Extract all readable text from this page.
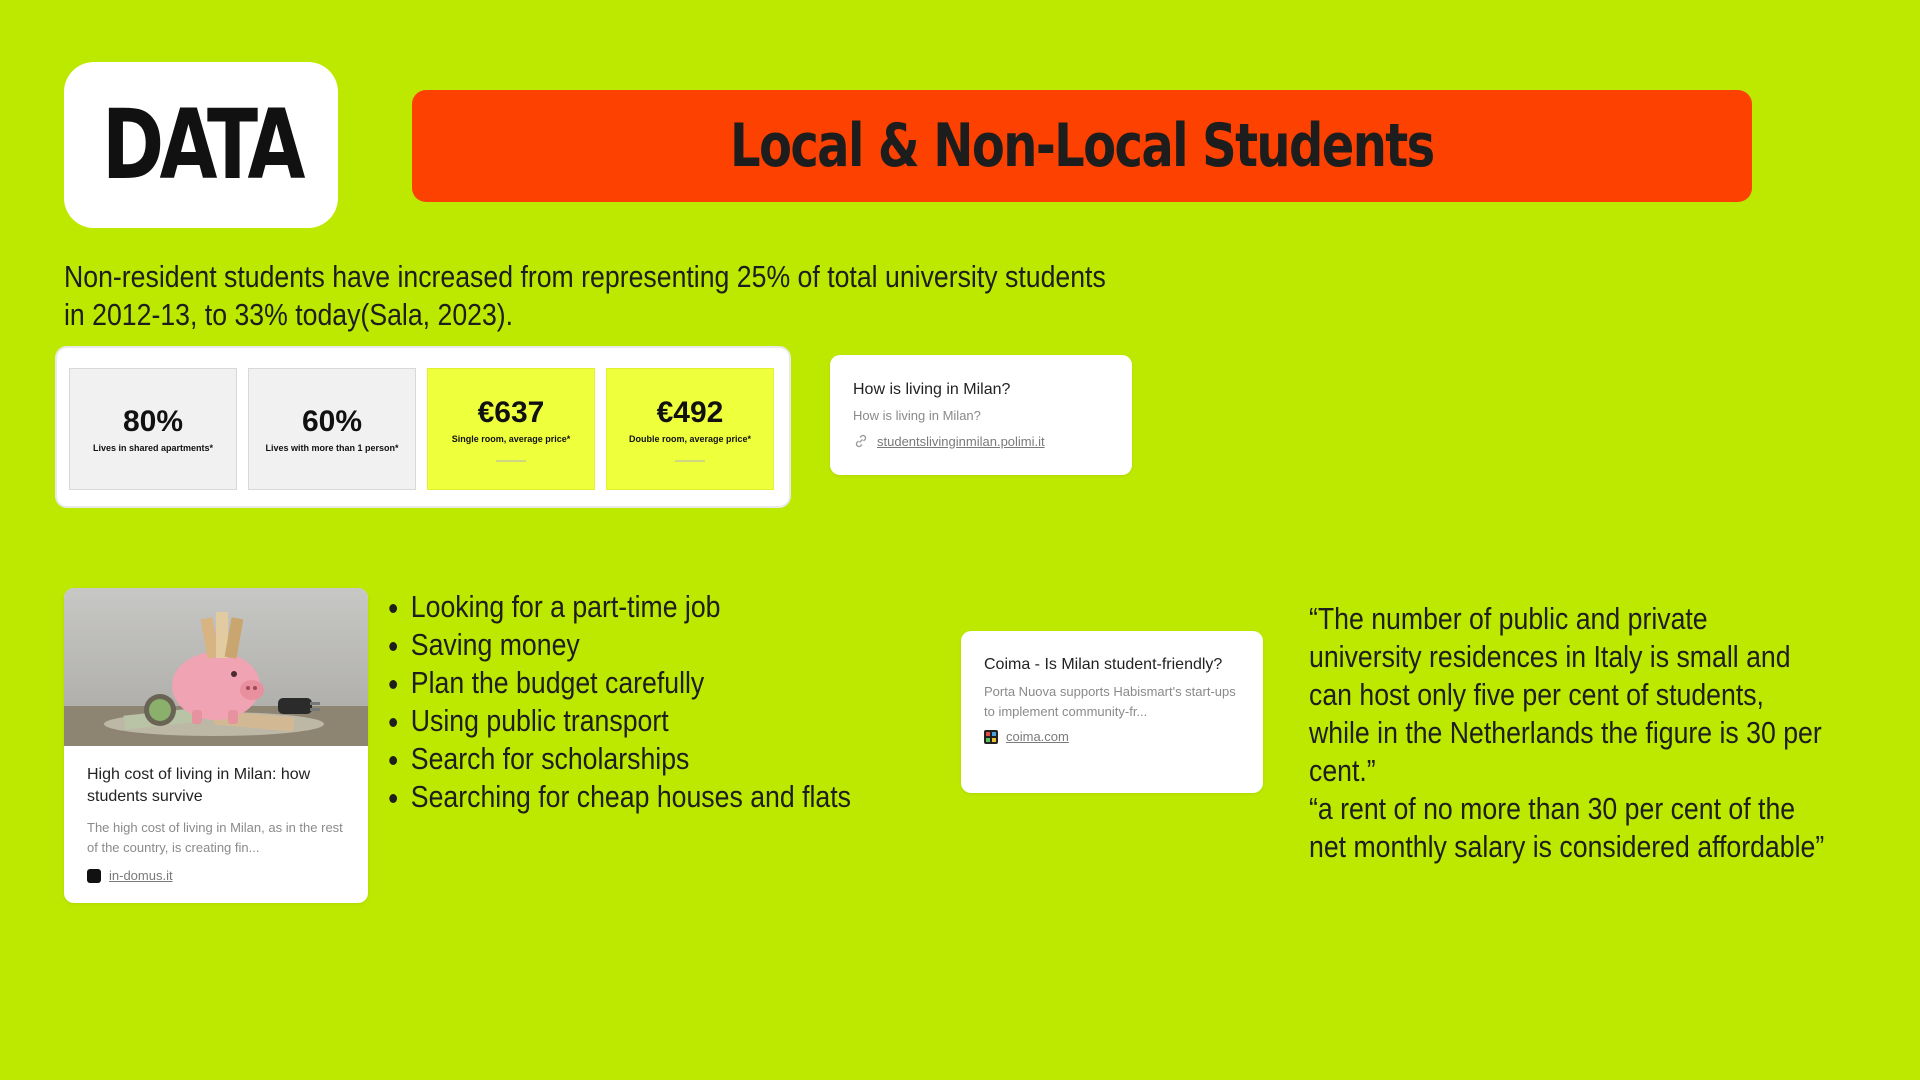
DATA	Local & Non-Local Students
Non-resident students have increased from representing 25% of total university students in 2012-13, to 33% today(Sala, 2023).
80%
Lives in shared apartments*
60%
Lives with more than 1 person*
€637
Single room, average price*
€492
Double room, average price*
How is living in Milan?
How is living in Milan?
studentslivinginmilan.polimi.it
High cost of living in Milan: how students survive
The high cost of living in Milan, as in the rest of the country, is creating fin...
in-domus.it
• Looking for a part-time job
• Saving money
• Plan the budget carefully
• Using public transport
• Search for scholarships
• Searching for cheap houses and flats
Coima - Is Milan student-friendly?
Porta Nuova supports Habismart's start-ups to implement community-fr...
coima.com

“The number of public and private university residences in Italy is small and can host only five per cent of students, while in the Netherlands the figure is 30 per cent.”

“a rent of no more than 30 per cent of the net monthly salary is considered affordable”
